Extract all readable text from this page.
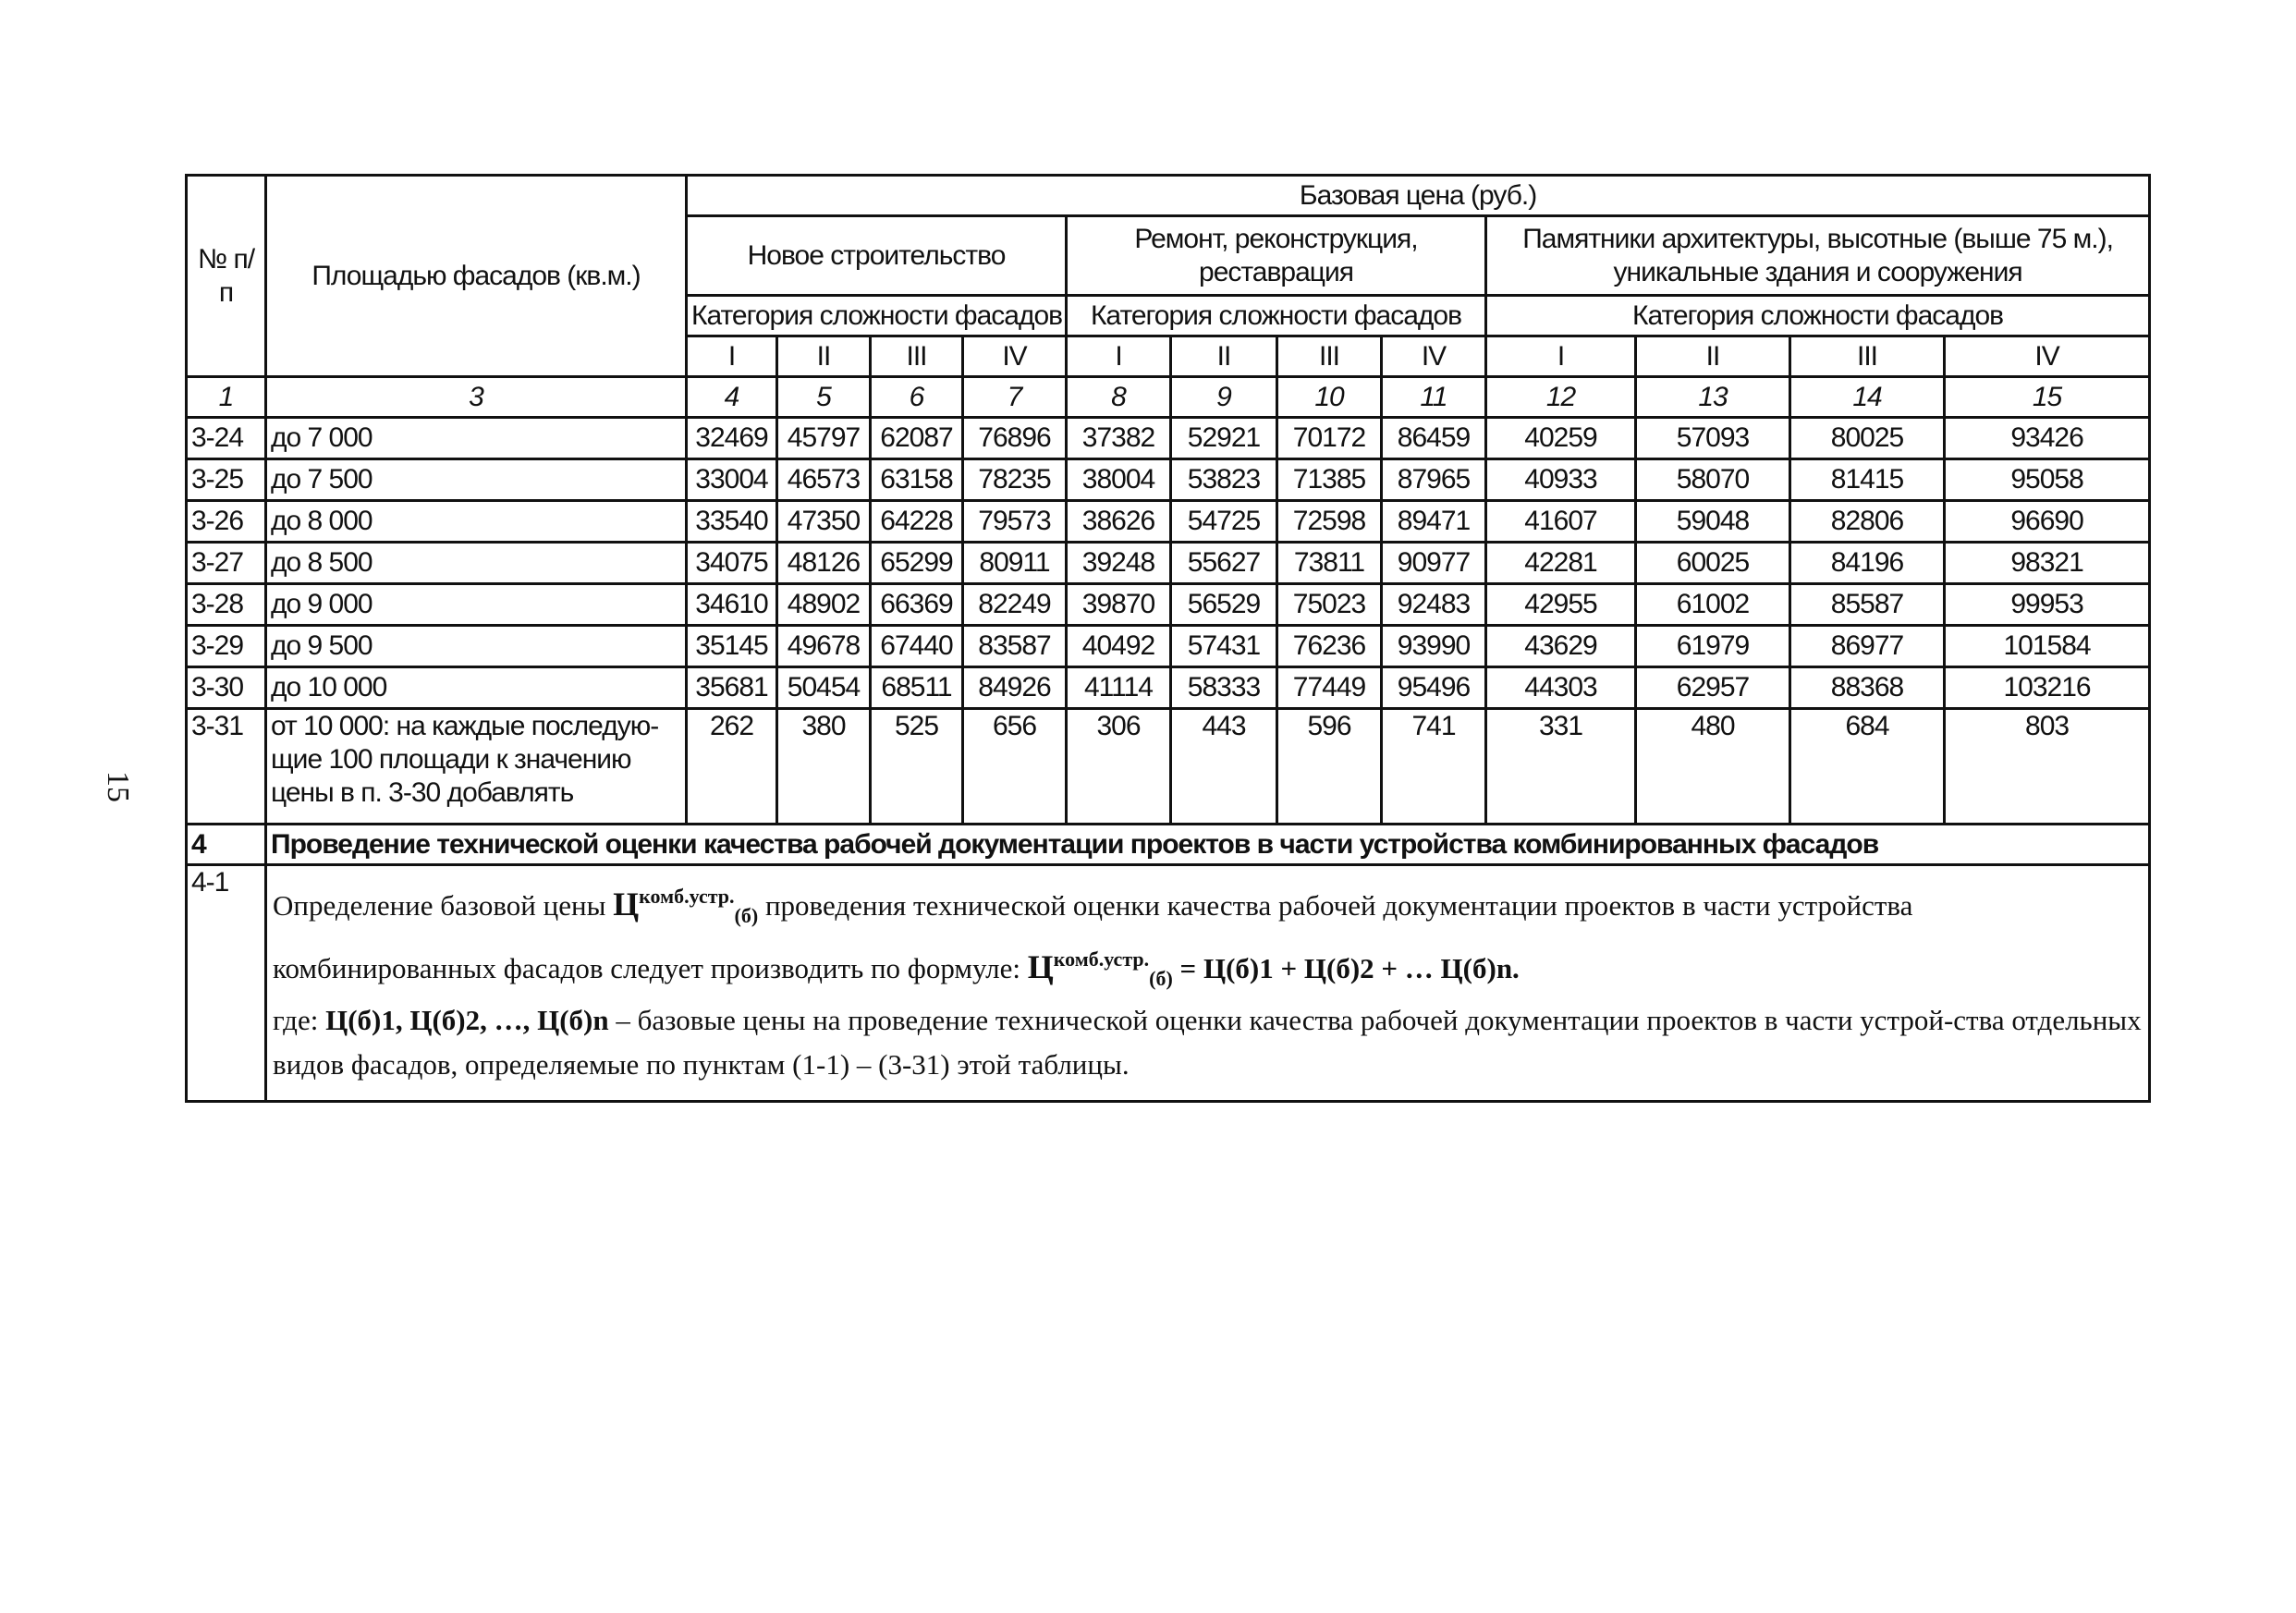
15
№ п/п	Площадью фасадов (кв.м.)	Базовая цена (руб.)											
		Новое строительство				Ремонт, реконструкция, реставрация				Памятники архитектуры, высотные (выше 75 м.), уникальные здания и сооружения			
		Категория сложности фасадов				Категория сложности фасадов				Категория сложности фасадов			
		I	II	III	IV	I	II	III	IV	I	II	III	IV
1	3	4	5	6	7	8	9	10	11	12	13	14	15
3-24	до 7 000	32469	45797	62087	76896	37382	52921	70172	86459	40259	57093	80025	93426
3-25	до 7 500	33004	46573	63158	78235	38004	53823	71385	87965	40933	58070	81415	95058
3-26	до 8 000	33540	47350	64228	79573	38626	54725	72598	89471	41607	59048	82806	96690
3-27	до 8 500	34075	48126	65299	80911	39248	55627	73811	90977	42281	60025	84196	98321
3-28	до 9 000	34610	48902	66369	82249	39870	56529	75023	92483	42955	61002	85587	99953
3-29	до 9 500	35145	49678	67440	83587	40492	57431	76236	93990	43629	61979	86977	101584
3-30	до 10 000	35681	50454	68511	84926	41114	58333	77449	95496	44303	62957	88368	103216
3-31	от 10 000: на каждые последую-щие 100 площади к значению цены в п. 3-30 добавлять	262	380	525	656	306	443	596	741	331	480	684	803
4	Проведение технической оценки качества рабочей документации проектов в части устройства комбинированных фасадов												
4-1	Определение базовой цены $Ц^{комб.устр.}_{(б)}$ проведения технической оценки качества рабочей документации проектов в части устройства
комбинированных фасадов следует производить по формуле: $Ц^{комб.устр.}_{(б)} = Ц(б)1 + Ц(б)2$ + … Ц(б)n.
где: Ц(б)1, Ц(б)2, …, Ц(б)n – базовые цены на проведение технической оценки качества рабочей документации проектов в части устрой-ства отдельных видов фасадов, определяемые по пунктам (1-1) – (3-31) этой таблицы.												
